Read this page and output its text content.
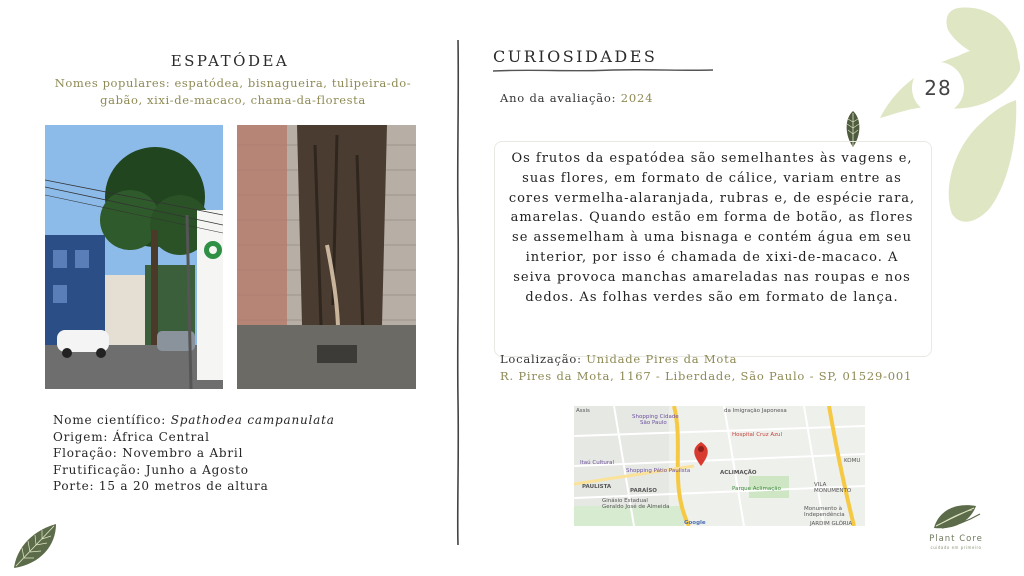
28
ESPATÓDEA
Nomes populares: espatódea, bisnagueira, tulipeira-do-gabão, xixi-de-macaco, chama-da-floresta
Nome científico: Spathodea campanulata
Origem: África Central
Floração: Novembro a Abril
Frutificação: Junho a Agosto
Porte: 15 a 20 metros de altura
CURIOSIDADES
Ano da avaliação: 2024
Os frutos da espatódea são semelhantes às vagens e, suas flores, em formato de cálice, variam entre as cores vermelha-alaranjada, rubras e, de espécie rara, amarelas. Quando estão em forma de botão, as flores se assemelham à uma bisnaga e contém água em seu interior, por isso é chamada de xixi-de-macaco. A seiva provoca manchas amareladas nas roupas e nos dedos. As folhas verdes são em formato de lança.
Localização: Unidade Pires da Mota
R. Pires da Mota, 1167 - Liberdade, São Paulo - SP, 01529-001
Shopping Cidade
São Paulo
Shopping Pátio Paulista
Itaú Cultural
Assis	da Imigração Japonesa
Hospital Cruz Azul
ACLIMAÇÃO
PAULISTA
PARAÍSO	Parque Aclimação
VILA
MONUMENTO
Ginásio Estadual
Geraldo José de Almeida	Monumento à
Independência
KOMU
JARDIM GLÓRIA
Google
Plant Core
cuidado em primeiro
